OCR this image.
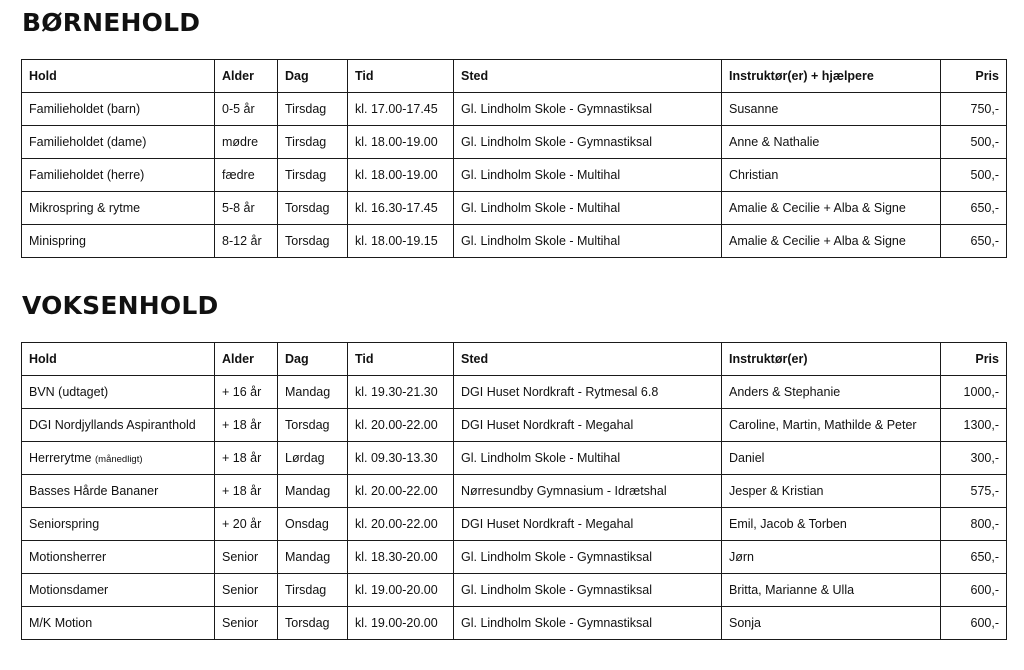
BØRNEHOLD
Hold	Alder	Dag	Tid	Sted	Instruktør(er) + hjælpere	Pris
Familieholdet (barn)	0-5 år	Tirsdag	kl. 17.00-17.45	Gl. Lindholm Skole - Gymnastiksal	Susanne	750,-
Familieholdet (dame)	mødre	Tirsdag	kl. 18.00-19.00	Gl. Lindholm Skole - Gymnastiksal	Anne & Nathalie	500,-
Familieholdet (herre)	fædre	Tirsdag	kl. 18.00-19.00	Gl. Lindholm Skole - Multihal	Christian	500,-
Mikrospring & rytme	5-8 år	Torsdag	kl. 16.30-17.45	Gl. Lindholm Skole - Multihal	Amalie & Cecilie + Alba & Signe	650,-
Minispring	8-12 år	Torsdag	kl. 18.00-19.15	Gl. Lindholm Skole - Multihal	Amalie & Cecilie + Alba & Signe	650,-
VOKSENHOLD
Hold	Alder	Dag	Tid	Sted	Instruktør(er)	Pris
BVN (udtaget)	+ 16 år	Mandag	kl. 19.30-21.30	DGI Huset Nordkraft - Rytmesal 6.8	Anders & Stephanie	1000,-
DGI Nordjyllands Aspiranthold	+ 18 år	Torsdag	kl. 20.00-22.00	DGI Huset Nordkraft - Megahal	Caroline, Martin, Mathilde & Peter	1300,-
Herrerytme (månedligt)	+ 18 år	Lørdag	kl. 09.30-13.30	Gl. Lindholm Skole - Multihal	Daniel	300,-
Basses Hårde Bananer	+ 18 år	Mandag	kl. 20.00-22.00	Nørresundby Gymnasium - Idrætshal	Jesper & Kristian	575,-
Seniorspring	+ 20 år	Onsdag	kl. 20.00-22.00	DGI Huset Nordkraft - Megahal	Emil, Jacob & Torben	800,-
Motionsherrer	Senior	Mandag	kl. 18.30-20.00	Gl. Lindholm Skole - Gymnastiksal	Jørn	650,-
Motionsdamer	Senior	Tirsdag	kl. 19.00-20.00	Gl. Lindholm Skole - Gymnastiksal	Britta, Marianne & Ulla	600,-
M/K Motion	Senior	Torsdag	kl. 19.00-20.00	Gl. Lindholm Skole - Gymnastiksal	Sonja	600,-
